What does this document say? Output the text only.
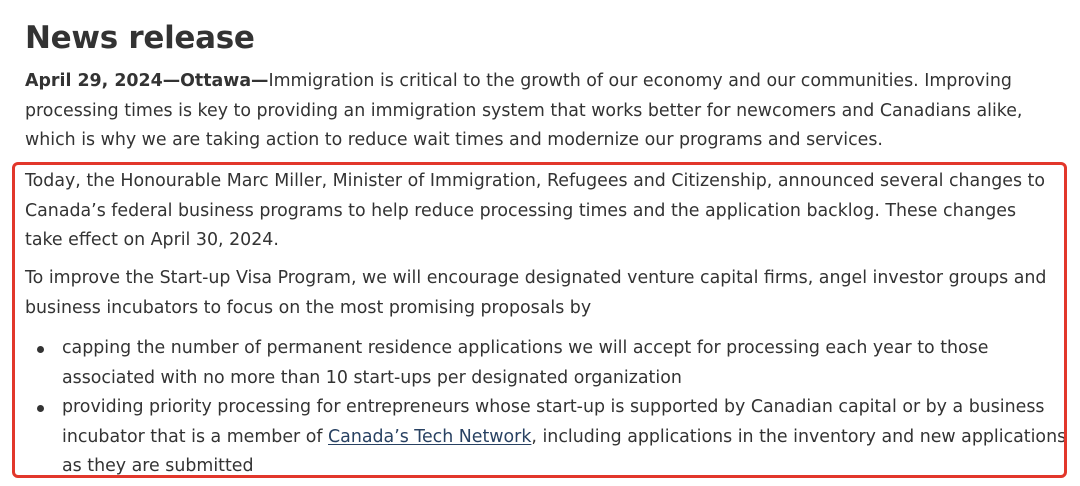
News release

April 29, 2024—Ottawa—Immigration is critical to the growth of our economy and our communities. Improving processing times is key to providing an immigration system that works better for newcomers and Canadians alike, which is why we are taking action to reduce wait times and modernize our programs and services.

Today, the Honourable Marc Miller, Minister of Immigration, Refugees and Citizenship, announced several changes to Canada’s federal business programs to help reduce processing times and the application backlog. These changes take effect on April 30, 2024.

To improve the Start-up Visa Program, we will encourage designated venture capital firms, angel investor groups and business incubators to focus on the most promising proposals by

capping the number of permanent residence applications we will accept for processing each year to those associated with no more than 10 start-ups per designated organization
providing priority processing for entrepreneurs whose start-up is supported by Canadian capital or by a business incubator that is a member of Canada’s Tech Network, including applications in the inventory and new applications as they are submitted
